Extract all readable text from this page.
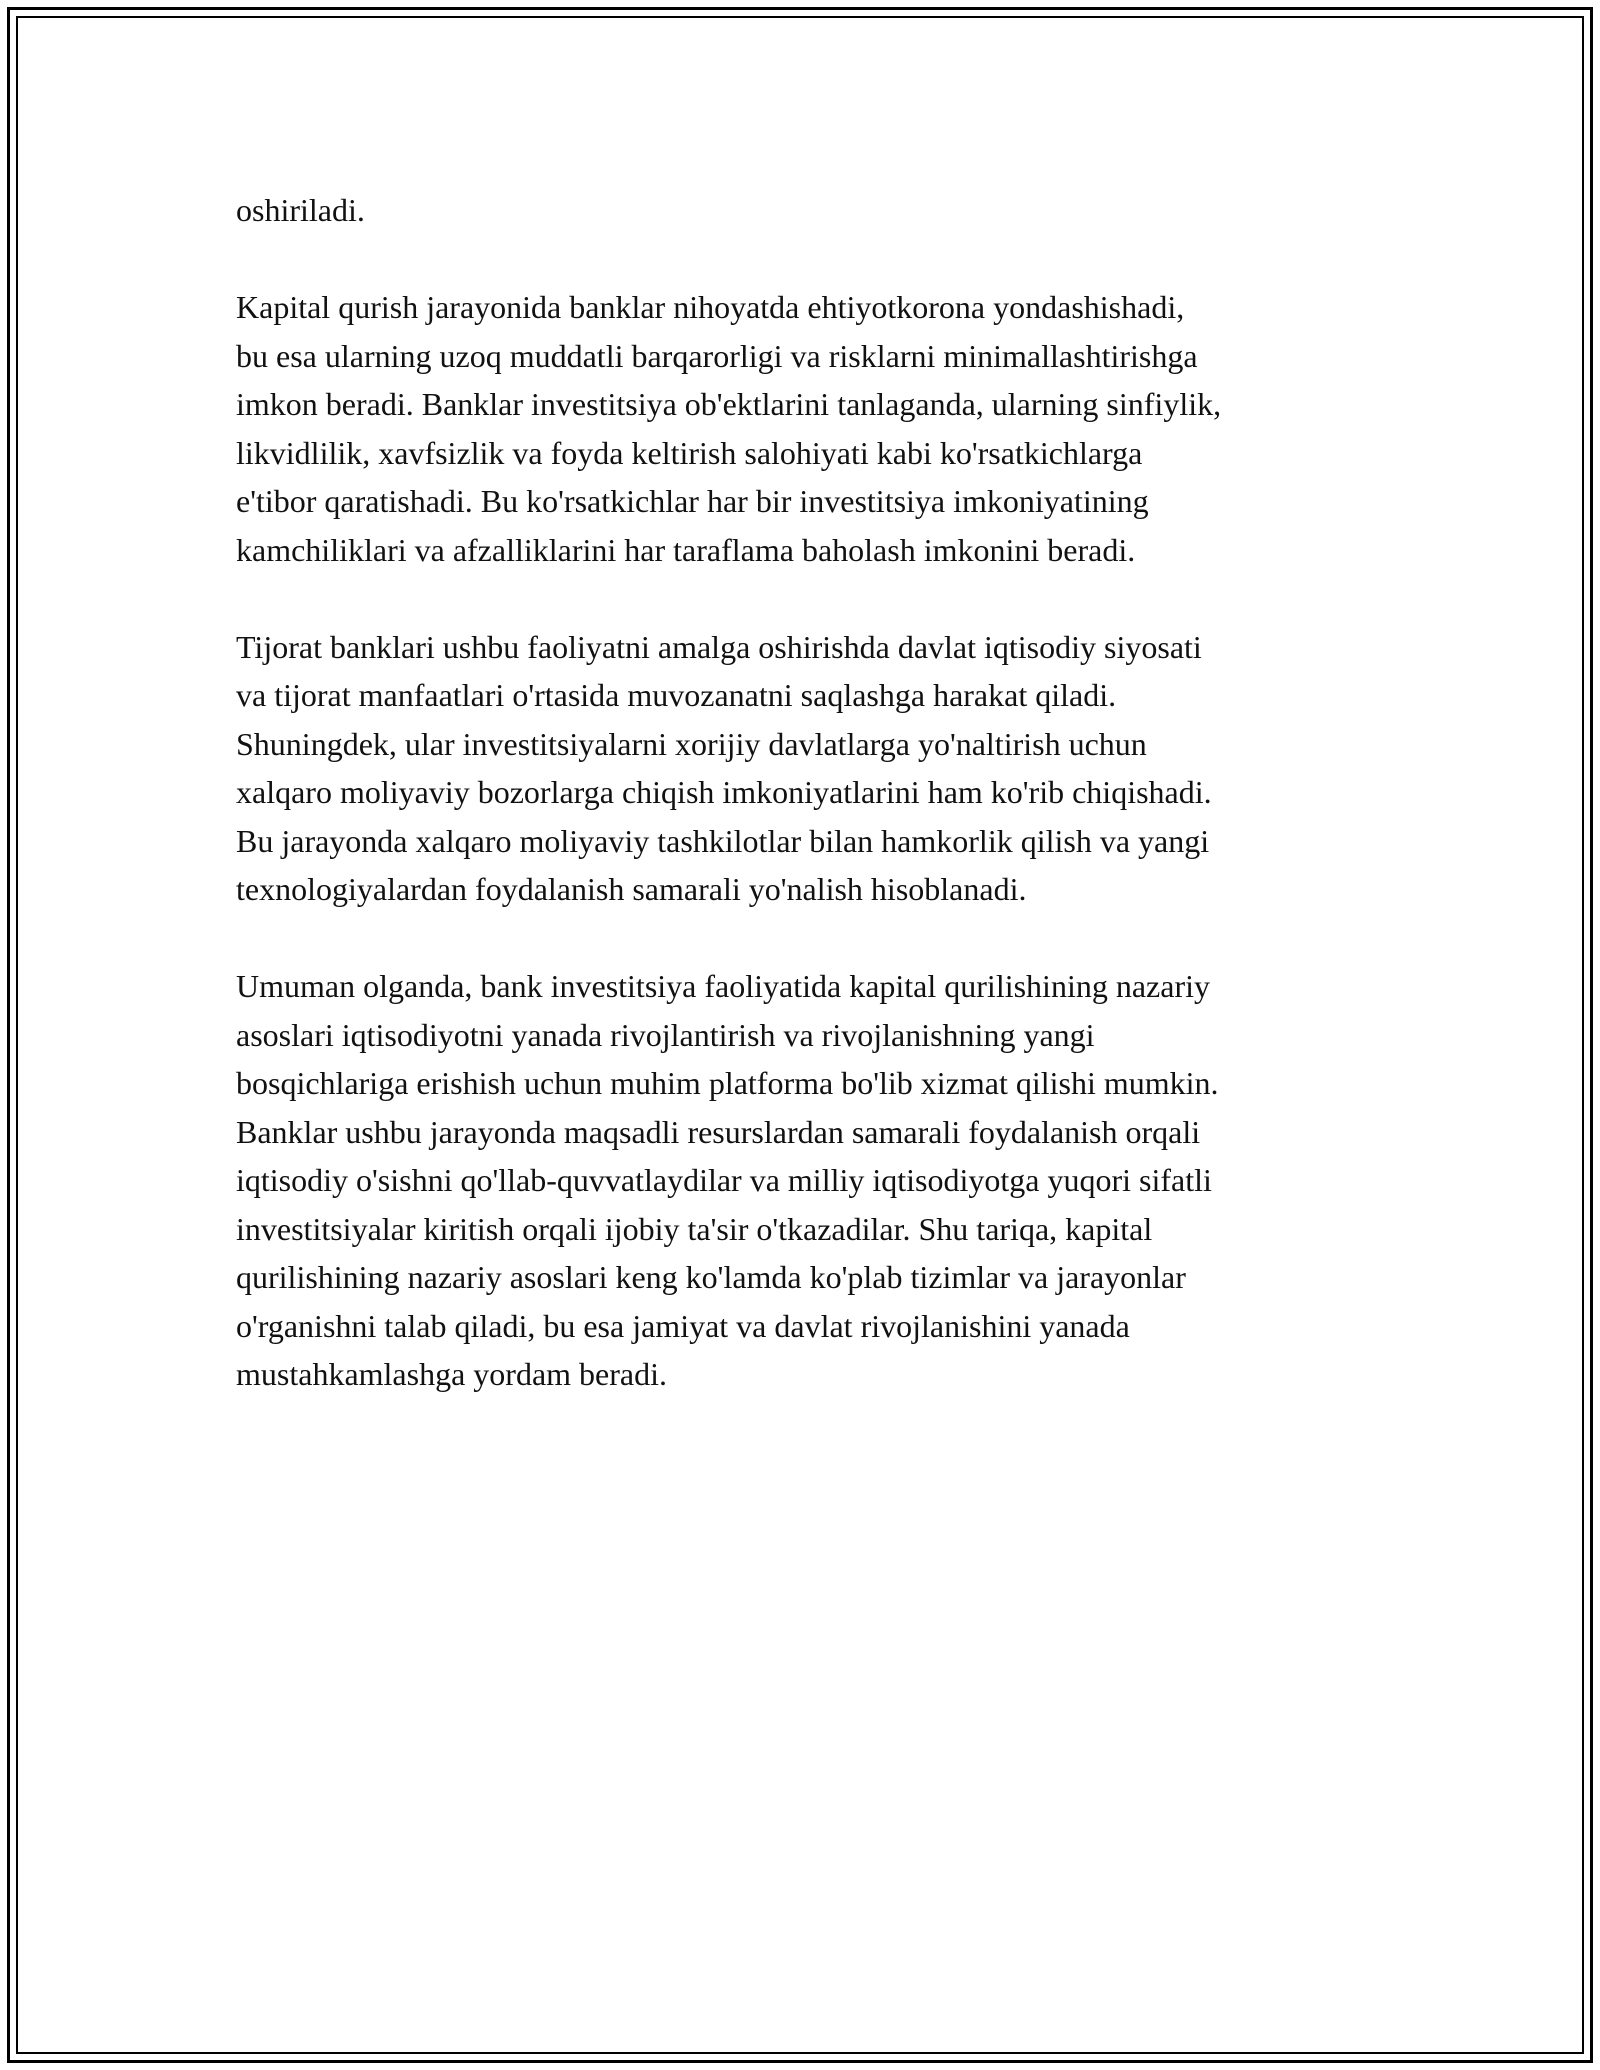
oshiriladi.
Kapital qurish jarayonida banklar nihoyatda ehtiyotkorona yondashishadi,
bu esa ularning uzoq muddatli barqarorligi va risklarni minimallashtirishga
imkon beradi. Banklar investitsiya ob'ektlarini tanlaganda, ularning sinfiylik,
likvidlilik, xavfsizlik va foyda keltirish salohiyati kabi ko'rsatkichlarga
e'tibor qaratishadi. Bu ko'rsatkichlar har bir investitsiya imkoniyatining
kamchiliklari va afzalliklarini har taraflama baholash imkonini beradi.
Tijorat banklari ushbu faoliyatni amalga oshirishda davlat iqtisodiy siyosati
va tijorat manfaatlari o'rtasida muvozanatni saqlashga harakat qiladi.
Shuningdek, ular investitsiyalarni xorijiy davlatlarga yo'naltirish uchun
xalqaro moliyaviy bozorlarga chiqish imkoniyatlarini ham ko'rib chiqishadi.
Bu jarayonda xalqaro moliyaviy tashkilotlar bilan hamkorlik qilish va yangi
texnologiyalardan foydalanish samarali yo'nalish hisoblanadi.
Umuman olganda, bank investitsiya faoliyatida kapital qurilishining nazariy
asoslari iqtisodiyotni yanada rivojlantirish va rivojlanishning yangi
bosqichlariga erishish uchun muhim platforma bo'lib xizmat qilishi mumkin.
Banklar ushbu jarayonda maqsadli resurslardan samarali foydalanish orqali
iqtisodiy o'sishni qo'llab-quvvatlaydilar va milliy iqtisodiyotga yuqori sifatli
investitsiyalar kiritish orqali ijobiy ta'sir o'tkazadilar. Shu tariqa, kapital
qurilishining nazariy asoslari keng ko'lamda ko'plab tizimlar va jarayonlar
o'rganishni talab qiladi, bu esa jamiyat va davlat rivojlanishini yanada
mustahkamlashga yordam beradi.
